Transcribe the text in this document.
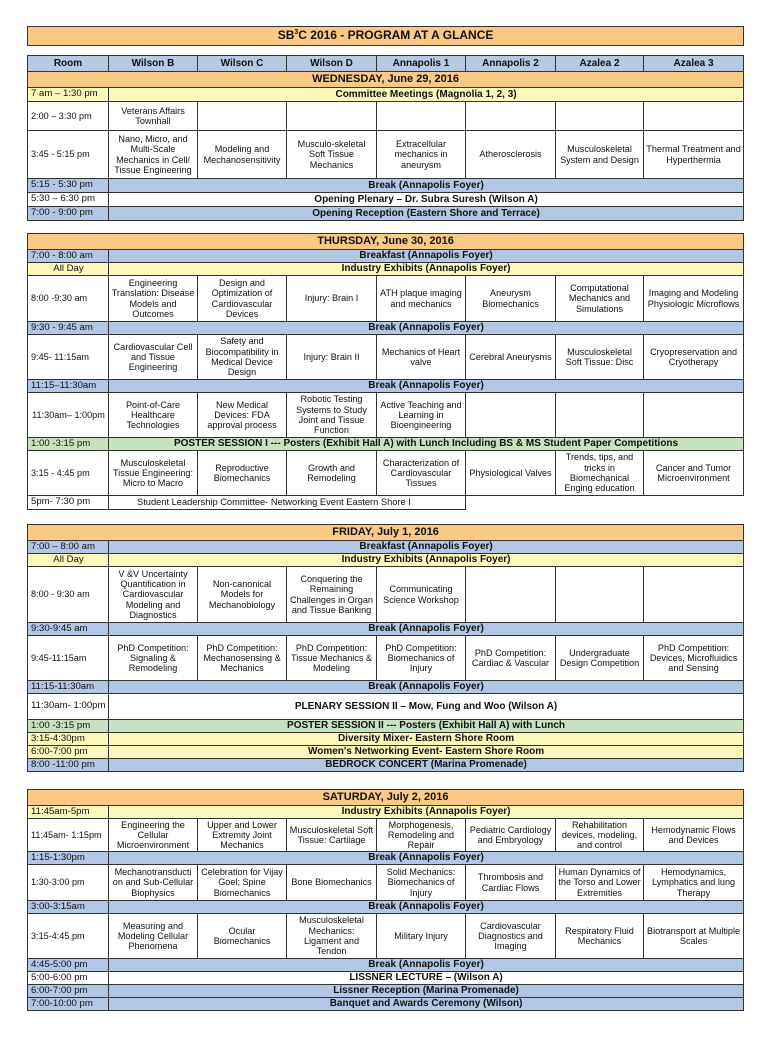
$SB^3C$ 2016 - PROGRAM AT A GLANCE							

Room	Wilson B	Wilson C	Wilson D	Annapolis 1	Annapolis 2	Azalea 2	Azalea 3
WEDNESDAY, June 29, 2016							
7 am – 1:30 pm	Committee Meetings (Magnolia 1, 2, 3)						
2:00 – 3:30 pm	Veterans Affairs Townhall						
3:45 - 5:15 pm	Nano, Micro, and Multi-Scale Mechanics in Cell/ Tissue Engineering	Modeling and Mechanosensitivity	Musculo-skeletal Soft Tissue Mechanics	Extracellular mechanics in aneurysm	Atherosclerosis	Musculoskeletal System and Design	Thermal Treatment and Hyperthermia
5:15 - 5:30 pm	Break (Annapolis Foyer)						
5:30 – 6:30 pm	Opening Plenary – Dr. Subra Suresh (Wilson A)						
7:00 - 9:00 pm	Opening Reception (Eastern Shore and Terrace)						

THURSDAY, June 30, 2016							
7:00 - 8:00 am	Breakfast (Annapolis Foyer)						
All Day	Industry Exhibits (Annapolis Foyer)						
8:00 -9:30 am	Engineering Translation: Disease Models and Outcomes	Design and Optimization of Cardiovascular Devices	Injury: Brain I	ATH plaque imaging and mechanics	Aneurysm Biomechanics	Computational Mechanics and Simulations	Imaging and Modeling Physiologic Microflows
9:30 - 9:45 am	Break (Annapolis Foyer)						
9:45- 11:15am	Cardiovascular Cell and Tissue Engineering	Safety and Biocompatibility in Medical Device Design	Injury: Brain II	Mechanics of Heart valve	Cerebral Aneurysms	Musculoskeletal Soft Tissue: Disc	Cryopreservation and Cryotherapy
11:15–11:30am	Break (Annapolis Foyer)						
11:30am– 1:00pm	Point-of-Care Healthcare Technologies	New Medical Devices: FDA approval process	Robotic Testing Systems to Study Joint and Tissue Function	Active Teaching and Learning in Bioengineering			
1:00 -3:15 pm	POSTER SESSION I --- Posters (Exhibit Hall A) with Lunch Including BS & MS Student Paper Competitions						
3:15 - 4:45 pm	Musculoskeletal Tissue Engineering: Micro to Macro	Reproductive Biomechanics	Growth and Remodeling	Characterization of Cardiovascular Tissues	Physiological Valves	Trends, tips, and tricks in Biomechanical Enging education	Cancer and Tumor Microenvironment
5pm- 7:30 pm	Student Leadership Committee- Networking Event Eastern Shore I						

FRIDAY, July 1, 2016							
7:00 – 8:00 am	Breakfast (Annapolis Foyer)						
All Day	Industry Exhibits (Annapolis Foyer)						
8:00 - 9:30 am	V &V Uncertainty Quantification in Cardiovascular Modeling and Diagnostics	Non-canonical Models for Mechanobiology	Conquering the Remaining Challenges in Organ and Tissue Banking	Communicating Science Workshop			
9:30-9:45 am	Break (Annapolis Foyer)						
9:45-11:15am	PhD Competition: Signaling & Remodeling	PhD Competition: Mechanosensing & Mechanics	PhD Competition: Tissue Mechanics & Modeling	PhD Competition: Biomechanics of Injury	PhD Competition: Cardiac & Vascular	Undergraduate Design Competition	PhD Competition: Devices, Microfluidics and Sensing
11:15-11:30am	Break (Annapolis Foyer)						
11:30am- 1:00pm	PLENARY SESSION II – Mow, Fung and Woo (Wilson A)						
1:00 -3:15 pm	POSTER SESSION II --- Posters (Exhibit Hall A) with Lunch						
3:15-4:30pm	Diversity Mixer- Eastern Shore Room						
6:00-7:00 pm	Women's Networking Event- Eastern Shore Room						
8:00 -11:00 pm	BEDROCK CONCERT (Marina Promenade)						

SATURDAY, July 2, 2016							
11:45am-5pm	Industry Exhibits (Annapolis Foyer)						
11:45am- 1:15pm	Engineering the Cellular Microenvironment	Upper and Lower Extremity Joint Mechanics	Musculoskeletal Soft Tissue: Cartilage	Morphogenesis, Remodeling and Repair	Pediatric Cardiology and Embryology	Rehabilitation devices, modeling, and control	Hemodynamic Flows and Devices
1:15-1:30pm	Break (Annapolis Foyer)						
1:30-3:00 pm	Mechanotransducti on and Sub-Cellular Biophysics	Celebration for Vijay Goel; Spine Biomechanics	Bone Biomechanics	Solid Mechanics: Biomechanics of Injury	Thrombosis and Cardiac Flows	Human Dynamics of the Torso and Lower Extremities	Hemodynamics, Lymphatics and lung Therapy
3:00-3:15am	Break (Annapolis Foyer)						
3:15-4:45 pm	Measuring and Modeling Cellular Phenomena	Ocular Biomechanics	Musculoskeletal Mechanics: Ligament and Tendon	Military Injury	Cardiovascular Diagnostics and Imaging	Respiratory Fluid Mechanics	Biotransport at Multiple Scales
4:45-5:00 pm	Break (Annapolis Foyer)						
5:00-6:00 pm	LISSNER LECTURE – (Wilson A)						
6:00-7:00 pm	Lissner Reception (Marina Promenade)						
7:00-10:00 pm	Banquet and Awards Ceremony (Wilson)						
